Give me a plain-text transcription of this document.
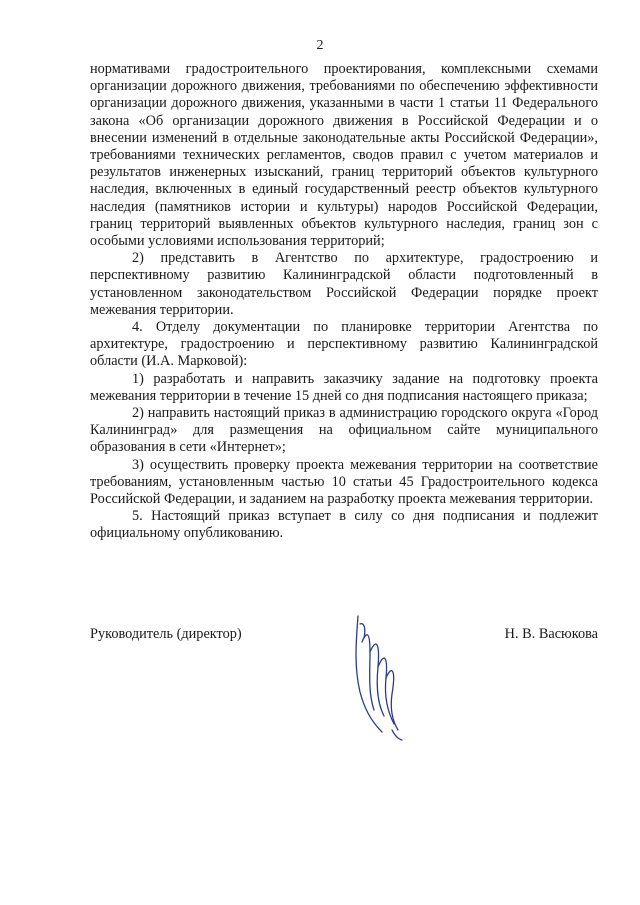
2

нормативами градостроительного проектирования, комплексными схемами организации дорожного движения, требованиями по обеспечению эффективности организации дорожного движения, указанными в части 1 статьи 11 Федерального закона «Об организации дорожного движения в Российской Федерации и о внесении изменений в отдельные законодательные акты Российской Федерации», требованиями технических регламентов, сводов правил с учетом материалов и результатов инженерных изысканий, границ территорий объектов культурного наследия, включенных в единый государственный реестр объектов культурного наследия (памятников истории и культуры) народов Российской Федерации, границ территорий выявленных объектов культурного наследия, границ зон с особыми условиями использования территорий;

2) представить в Агентство по архитектуре, градостроению и перспективному развитию Калининградской области подготовленный в установленном законодательством Российской Федерации порядке проект межевания территории.

4. Отделу документации по планировке территории Агентства по архитектуре, градостроению и перспективному развитию Калининградской области (И.А. Марковой):

1) разработать и направить заказчику задание на подготовку проекта межевания территории в течение 15 дней со дня подписания настоящего приказа;

2) направить настоящий приказ в администрацию городского округа «Город Калининград» для размещения на официальном сайте муниципального образования в сети «Интернет»;

3) осуществить проверку проекта межевания территории на соответствие требованиям, установленным частью 10 статьи 45 Градостроительного кодекса Российской Федерации, и заданием на разработку проекта межевания территории.

5. Настоящий приказ вступает в силу со дня подписания и подлежит официальному опубликованию.

Руководитель (директор)	Н. В. Васюкова
